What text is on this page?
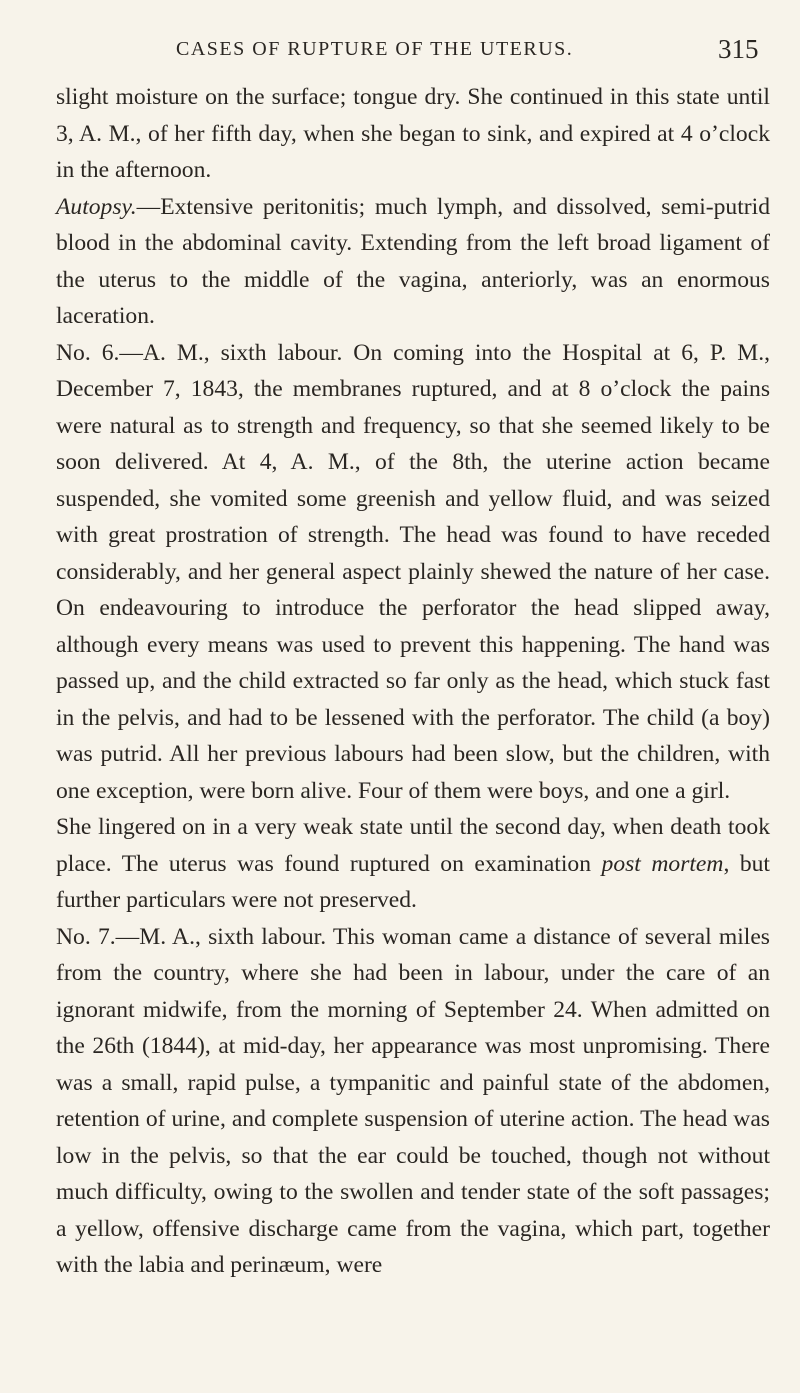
CASES OF RUPTURE OF THE UTERUS.	315

slight moisture on the surface; tongue dry. She continued in this state until 3, A. M., of her fifth day, when she began to sink, and expired at 4 o’clock in the afternoon.

Autopsy.—Extensive peritonitis; much lymph, and dissolved, semi-putrid blood in the abdominal cavity. Extending from the left broad ligament of the uterus to the middle of the vagina, anteriorly, was an enormous laceration.

No. 6.—A. M., sixth labour. On coming into the Hospital at 6, P. M., December 7, 1843, the membranes ruptured, and at 8 o’clock the pains were natural as to strength and frequency, so that she seemed likely to be soon delivered. At 4, A. M., of the 8th, the uterine action became suspended, she vomited some greenish and yellow fluid, and was seized with great prostration of strength. The head was found to have receded considerably, and her general aspect plainly shewed the nature of her case. On endeavouring to introduce the perforator the head slipped away, although every means was used to prevent this happening. The hand was passed up, and the child extracted so far only as the head, which stuck fast in the pelvis, and had to be lessened with the perforator. The child (a boy) was putrid. All her previous labours had been slow, but the children, with one exception, were born alive. Four of them were boys, and one a girl.

She lingered on in a very weak state until the second day, when death took place. The uterus was found ruptured on examination post mortem, but further particulars were not preserved.

No. 7.—M. A., sixth labour. This woman came a distance of several miles from the country, where she had been in labour, under the care of an ignorant midwife, from the morning of September 24. When admitted on the 26th (1844), at mid-day, her appearance was most unpromising. There was a small, rapid pulse, a tympanitic and painful state of the abdomen, retention of urine, and complete suspension of uterine action. The head was low in the pelvis, so that the ear could be touched, though not without much difficulty, owing to the swollen and tender state of the soft passages; a yellow, offensive discharge came from the vagina, which part, together with the labia and perinæum, were
